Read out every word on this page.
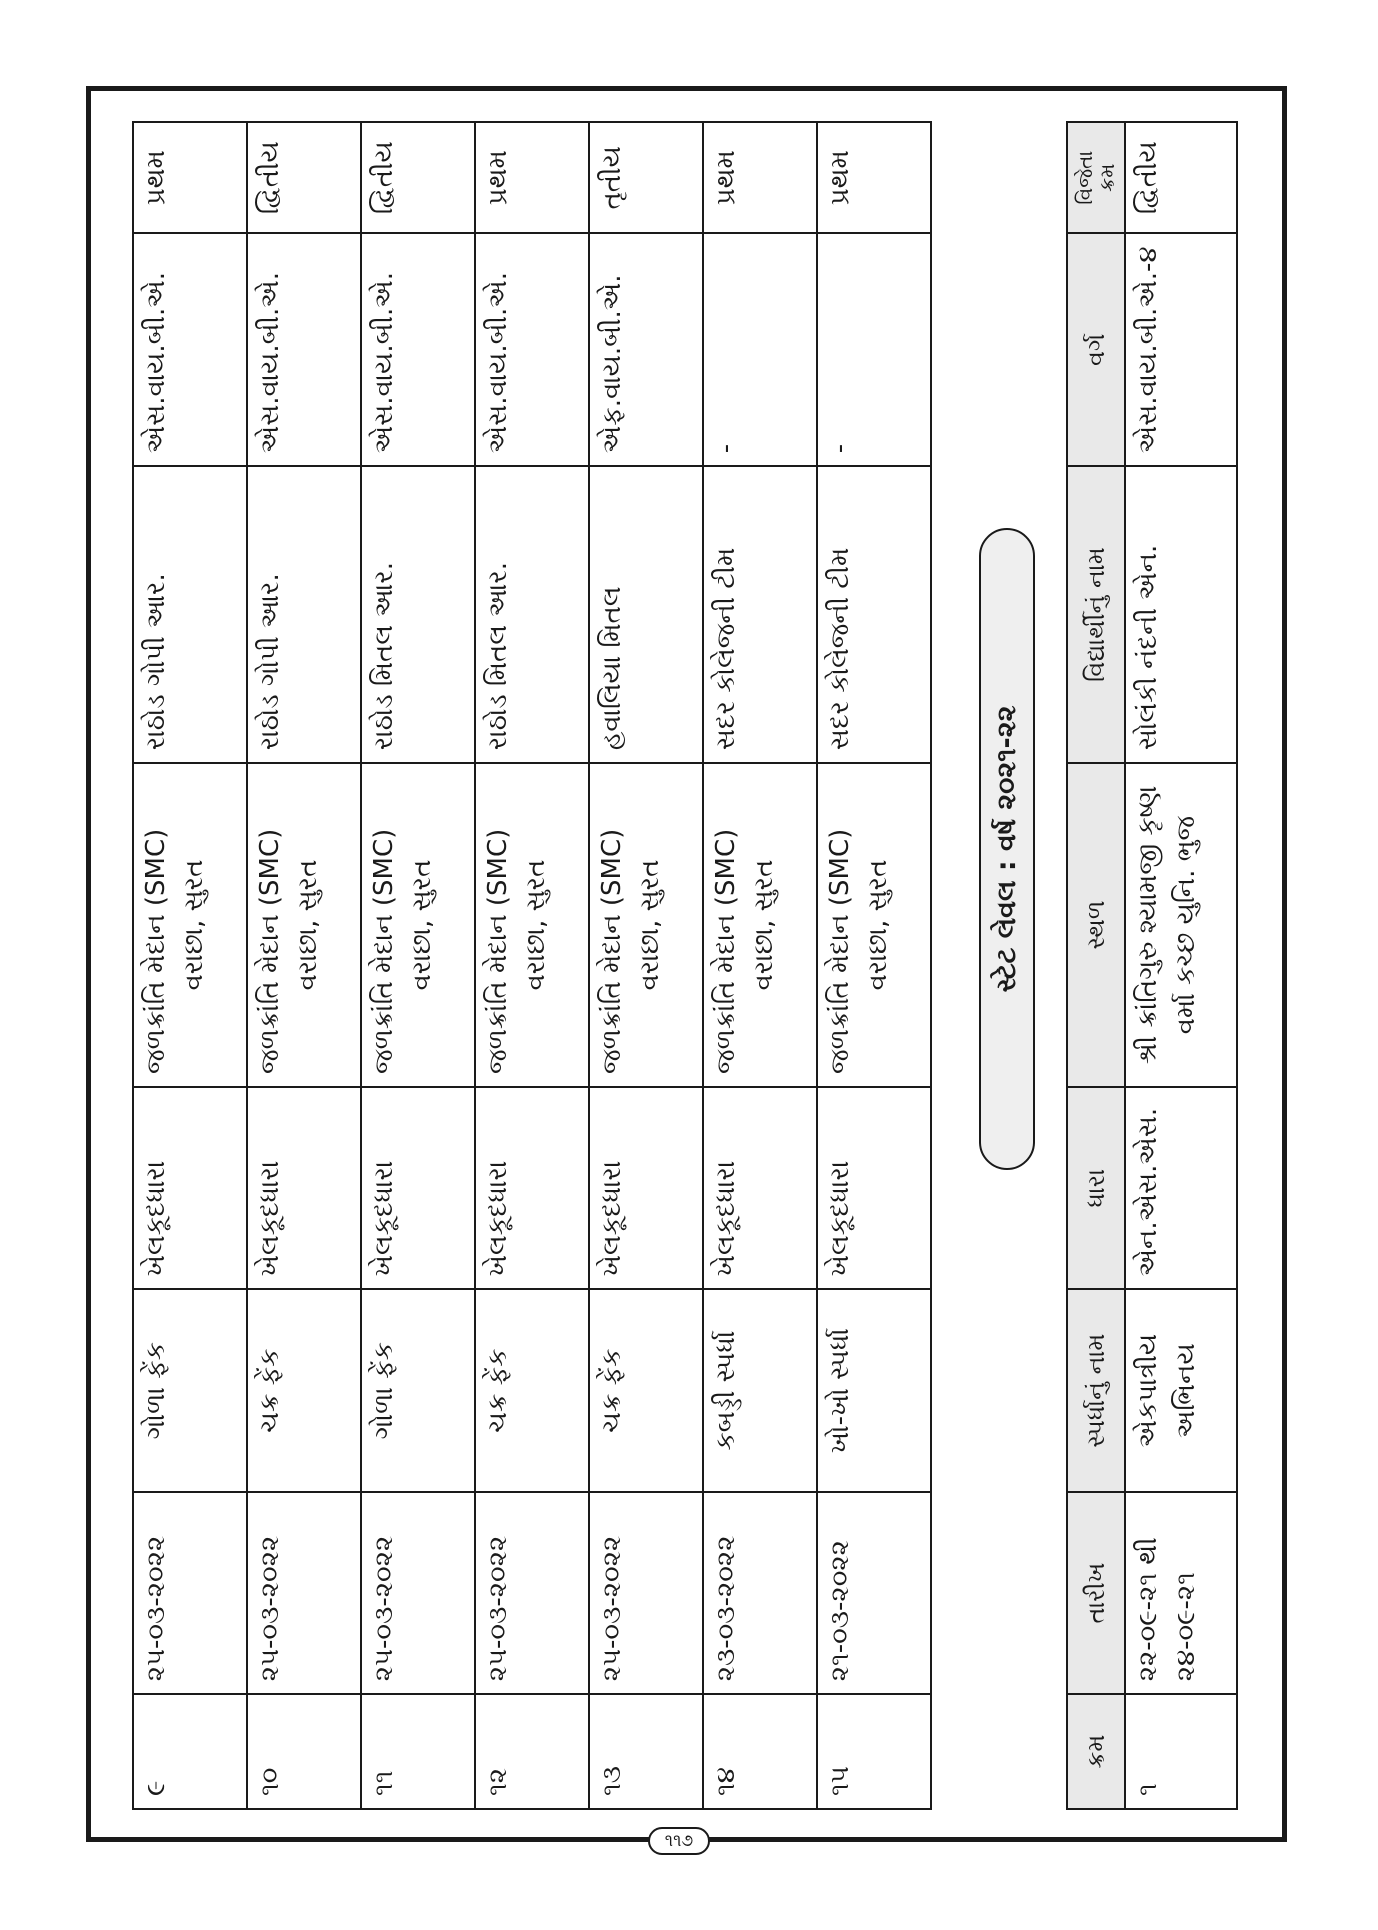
૯	૨૫-૦૩-૨૦૨૨	ગોળા ફેંક	ખેલકૂદધારા	જળક્રાંતિ મેદાન (SMC) વરાછા, સુરત	રાઠોડ ગોપી આર.	એસ.વાય.બી.એ.	પ્રથમ
૧૦	૨૫-૦૩-૨૦૨૨	ચક્ર ફેંક	ખેલકૂદધારા	જળક્રાંતિ મેદાન (SMC) વરાછા, સુરત	રાઠોડ ગોપી આર.	એસ.વાય.બી.એ.	દ્વિતીય
૧૧	૨૫-૦૩-૨૦૨૨	ગોળા ફેંક	ખેલકૂદધારા	જળક્રાંતિ મેદાન (SMC) વરાછા, સુરત	રાઠોડ મિતલ આર.	એસ.વાય.બી.એ.	દ્વિતીય
૧૨	૨૫-૦૩-૨૦૨૨	ચક્ર ફેંક	ખેલકૂદધારા	જળક્રાંતિ મેદાન (SMC) વરાછા, સુરત	રાઠોડ મિતલ આર.	એસ.વાય.બી.એ.	પ્રથમ
૧૩	૨૫-૦૩-૨૦૨૨	ચક્ર ફેંક	ખેલકૂદધારા	જળક્રાંતિ મેદાન (SMC) વરાછા, સુરત	હવાલિયા મિતલ	એફ.વાય.બી.એ.	તૃતીય
૧૪	૨૩-૦૩-૨૦૨૨	કબડ્ડી સ્પર્ધા	ખેલકૂદધારા	જળક્રાંતિ મેદાન (SMC) વરાછા, સુરત	સદર કોલેજની ટીમ	-	પ્રથમ
૧૫	૨૧-૦૩-૨૦૨૨	ખો-ખો સ્પર્ધા	ખેલકૂદધારા	જળક્રાંતિ મેદાન (SMC) વરાછા, સુરત	સદર કોલેજની ટીમ	-	પ્રથમ
સ્ટેટ લેવલ : વર્ષ ૨૦૨૧-૨૨
ક્રમ	તારીખ	સ્પર્ધાનું નામ	ધારા	સ્થળ	વિદ્યાર્થીનું નામ	વર્ગ	વિજેતા ક્રમ
૧	૨૨-૦૯-૨૧ થી ૨૪-૦૯-૨૧	એકપાત્રીય અભિનય	એન.એસ.એસ.	શ્રી ક્રાંતિગુરુ શ્યામજી કૃષ્ણ વર્મા કચ્છ યુનિ. ભુજ	સોલંકી નંદની એન.	એસ.વાય.બી.એ.-૪	દ્વિતીય
૧૧૭
